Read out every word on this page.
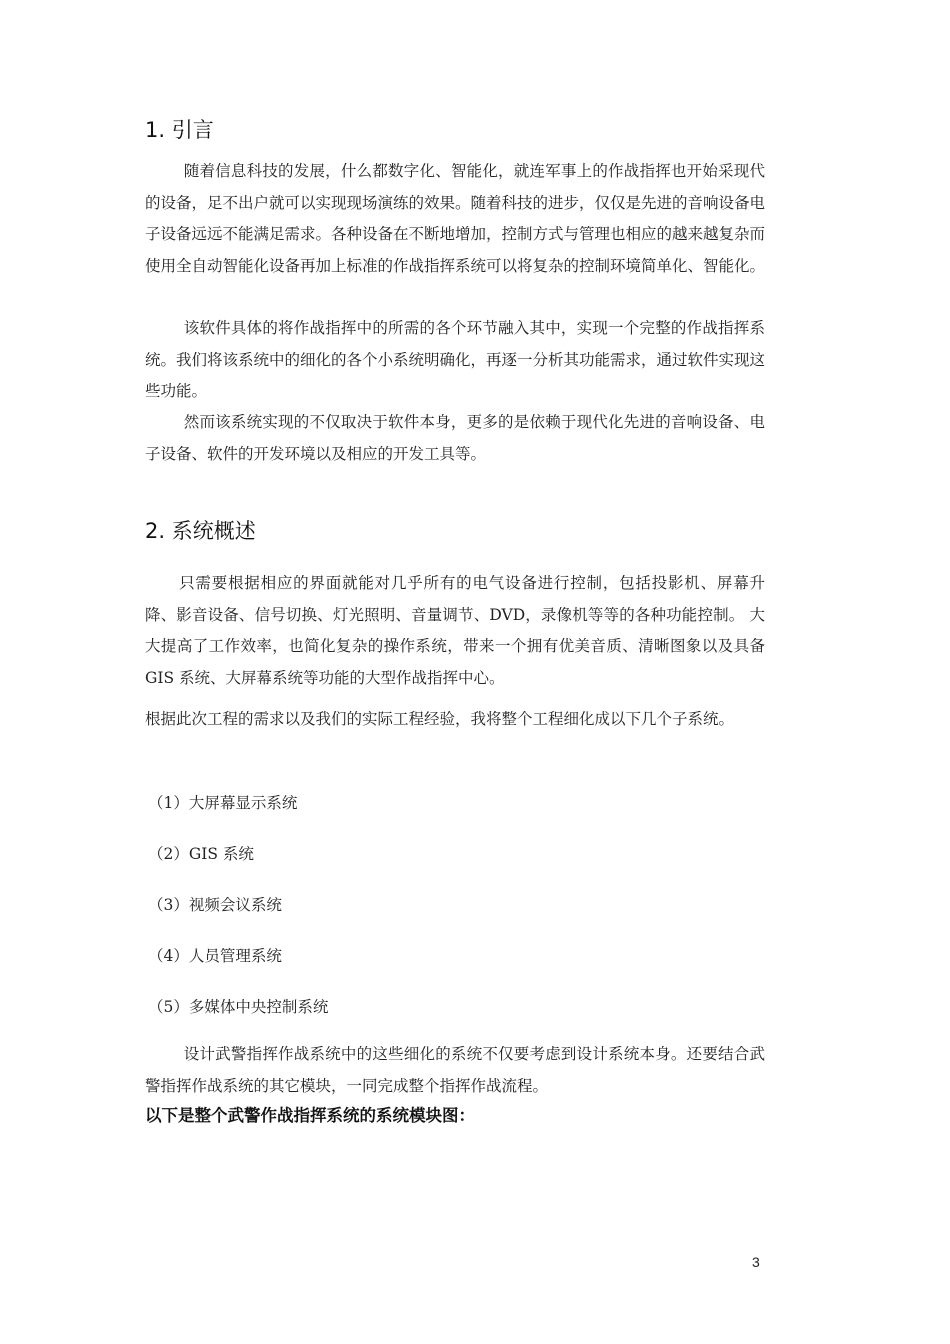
1. 引言
随着信息科技的发展，什么都数字化、智能化，就连军事上的作战指挥也开始采现代的设备，足不出户就可以实现现场演练的效果。随着科技的进步，仅仅是先进的音响设备电子设备远远不能满足需求。各种设备在不断地增加，控制方式与管理也相应的越来越复杂而使用全自动智能化设备再加上标准的作战指挥系统可以将复杂的控制环境简单化、智能化。
该软件具体的将作战指挥中的所需的各个环节融入其中，实现一个完整的作战指挥系统。我们将该系统中的细化的各个小系统明确化，再逐一分析其功能需求，通过软件实现这些功能。
然而该系统实现的不仅取决于软件本身，更多的是依赖于现代化先进的音响设备、电子设备、软件的开发环境以及相应的开发工具等。
2. 系统概述
只需要根据相应的界面就能对几乎所有的电气设备进行控制，包括投影机、屏幕升降、影音设备、信号切换、灯光照明、音量调节、DVD，录像机等等的各种功能控制。 大大提高了工作效率，也简化复杂的操作系统，带来一个拥有优美音质、清晰图象以及具备 GIS 系统、大屏幕系统等功能的大型作战指挥中心。
根据此次工程的需求以及我们的实际工程经验，我将整个工程细化成以下几个子系统。
（1）大屏幕显示系统
（2）GIS 系统
（3）视频会议系统
（4）人员管理系统
（5）多媒体中央控制系统
设计武警指挥作战系统中的这些细化的系统不仅要考虑到设计系统本身。还要结合武警指挥作战系统的其它模块，一同完成整个指挥作战流程。
以下是整个武警作战指挥系统的系统模块图：
3
